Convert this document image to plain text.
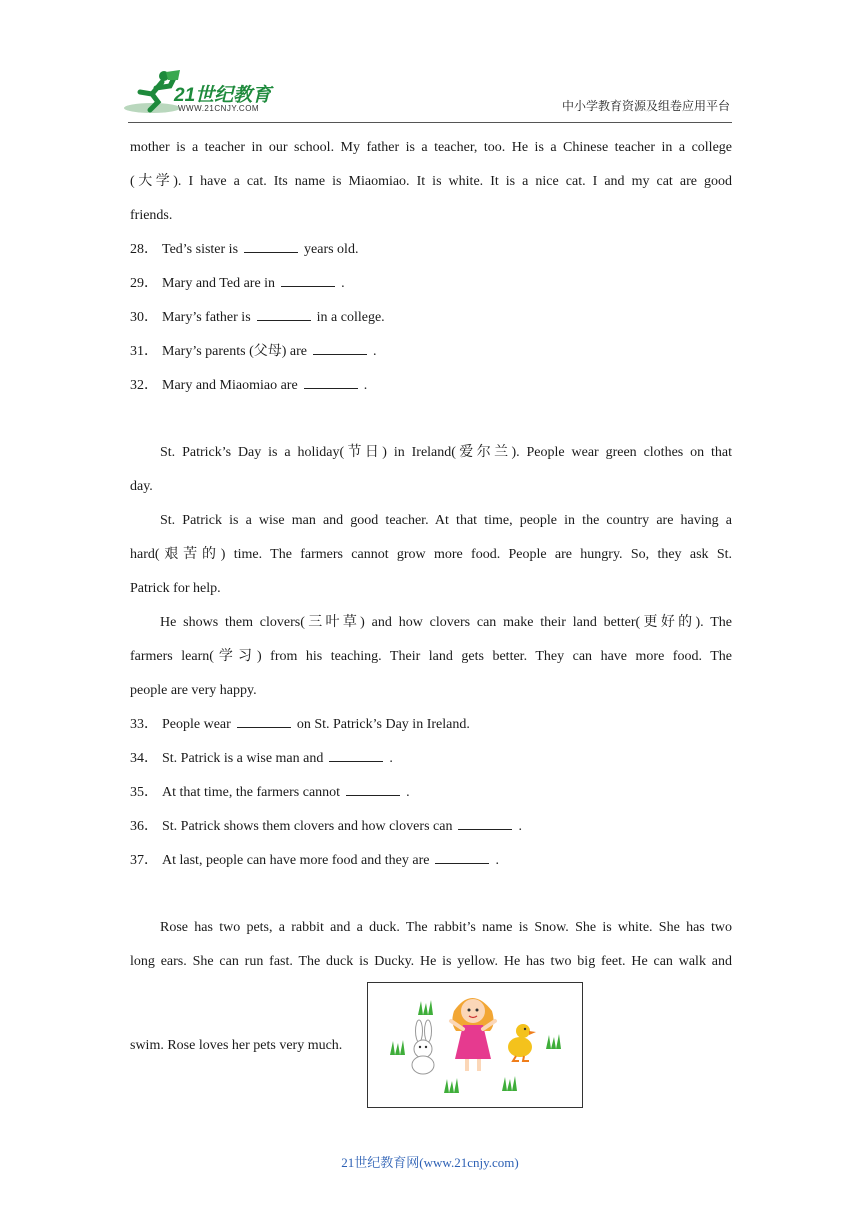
21世纪教育
WWW.21CNJY.COM	中小学教育资源及组卷应用平台
mother is a teacher in our school. My father is a teacher, too. He is a Chinese teacher in a college
(大学). I have a cat. Its name is Miaomiao. It is white. It is a nice cat. I and my cat are good
friends.
28． Ted’s sister is	years old.
29． Mary and Ted are in	.
30． Mary’s father is	in a college.
31． Mary’s parents (父母) are	.
32． Mary and Miaomiao are	.
St. Patrick’s Day is a holiday(节日) in Ireland(爱尔兰). People wear green clothes on that
day.
St. Patrick is a wise man and good teacher. At that time, people in the country are having a
hard(艰苦的) time. The farmers cannot grow more food. People are hungry. So, they ask St.
Patrick for help.
He shows them clovers(三叶草) and how clovers can make their land better(更好的). The
farmers learn(学习) from his teaching. Their land gets better. They can have more food. The
people are very happy.
33． People wear	on St. Patrick’s Day in Ireland.
34． St. Patrick is a wise man and	.
35． At that time, the farmers cannot	.
36． St. Patrick shows them clovers and how clovers can	.
37． At last, people can have more food and they are	.
Rose has two pets, a rabbit and a duck. The rabbit’s name is Snow. She is white. She has two
long ears. She can run fast. The duck is Ducky. He is yellow. He has two big feet. He can walk and
swim. Rose loves her pets very much.
21世纪教育网(www.21cnjy.com)
